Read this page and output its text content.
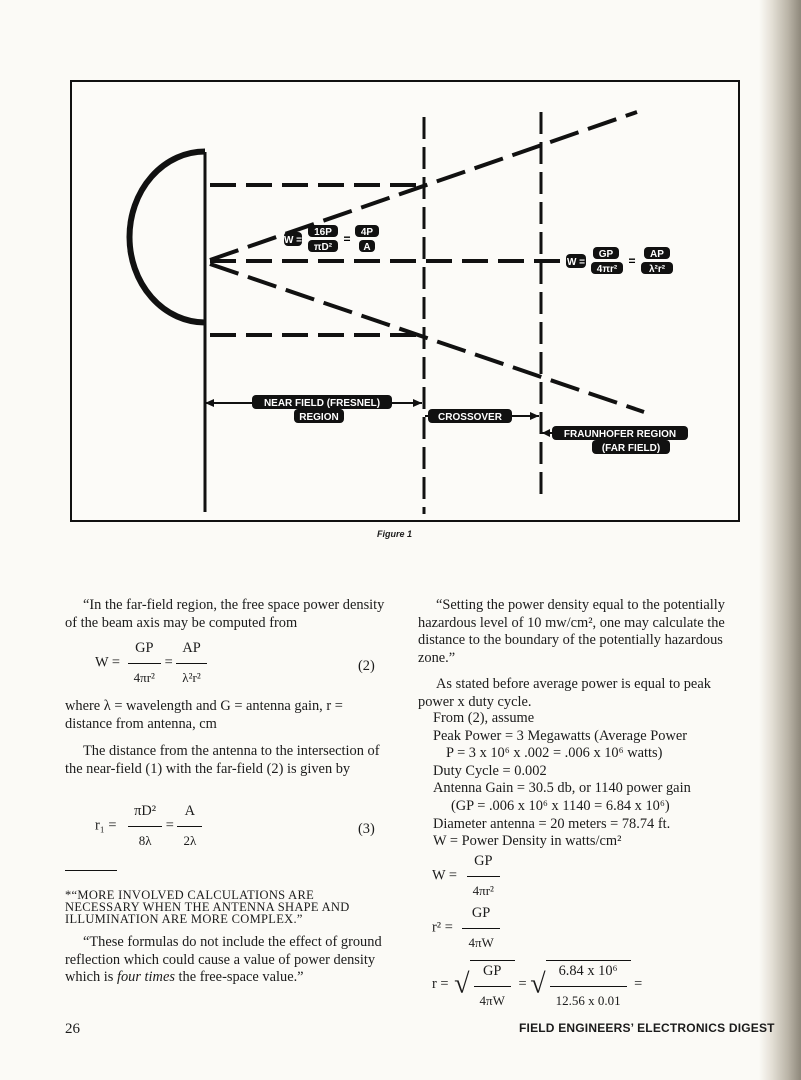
NEAR FIELD (FRESNEL)
REGION	CROSSOVER
FRAUNHOFER REGION
(FAR FIELD)
W =
16P
πD²
= 4P
A
W =
GP
4πr²
= AP
λ²r²
Figure 1
“In the far-field region, the free space power density of the beam axis may be computed from
$W = \frac{GP}{\text{4πr²}} = \frac{AP}{\text{λ²r²}}$	(2)
where λ = wavelength and G = antenna gain, r = distance from antenna, cm
The distance from the antenna to the intersection of the near-field (1) with the far-field (2) is given by
$r_1 = \frac{\text{πD²}}{8\lambda} = \frac{A}{2\lambda}$	(3)
*“MORE INVOLVED CALCULATIONS ARE NECESSARY WHEN THE ANTENNA SHAPE AND ILLUMINATION ARE MORE COMPLEX.”
“These formulas do not include the effect of ground reflection which could cause a value of power density which is four times the free-space value.”
“Setting the power density equal to the potentially hazardous level of 10 mw/cm², one may calculate the distance to the boundary of the potentially hazardous zone.”
As stated before average power is equal to peak power x duty cycle.
From (2), assume
Peak Power = 3 Megawatts (Average Power
P = 3 x 10⁶ x .002 = .006 x 10⁶ watts)
Duty Cycle = 0.002
Antenna Gain = 30.5 db, or 1140 power gain
(GP = .006 x 10⁶ x 1140 = 6.84 x 10⁶)
Diameter antenna = 20 meters = 78.74 ft.
W = Power Density in watts/cm²
$W = \frac{GP}{\text{4πr²}}$
$r^2 = \frac{GP}{4\pi W}$
r = √ $\frac{GP}{4\pi W}$ = √ $\frac{\text{6.84 x 10⁶}}{12.56 x 0.01}$ =
26	FIELD ENGINEERS’ ELECTRONICS DIGEST
